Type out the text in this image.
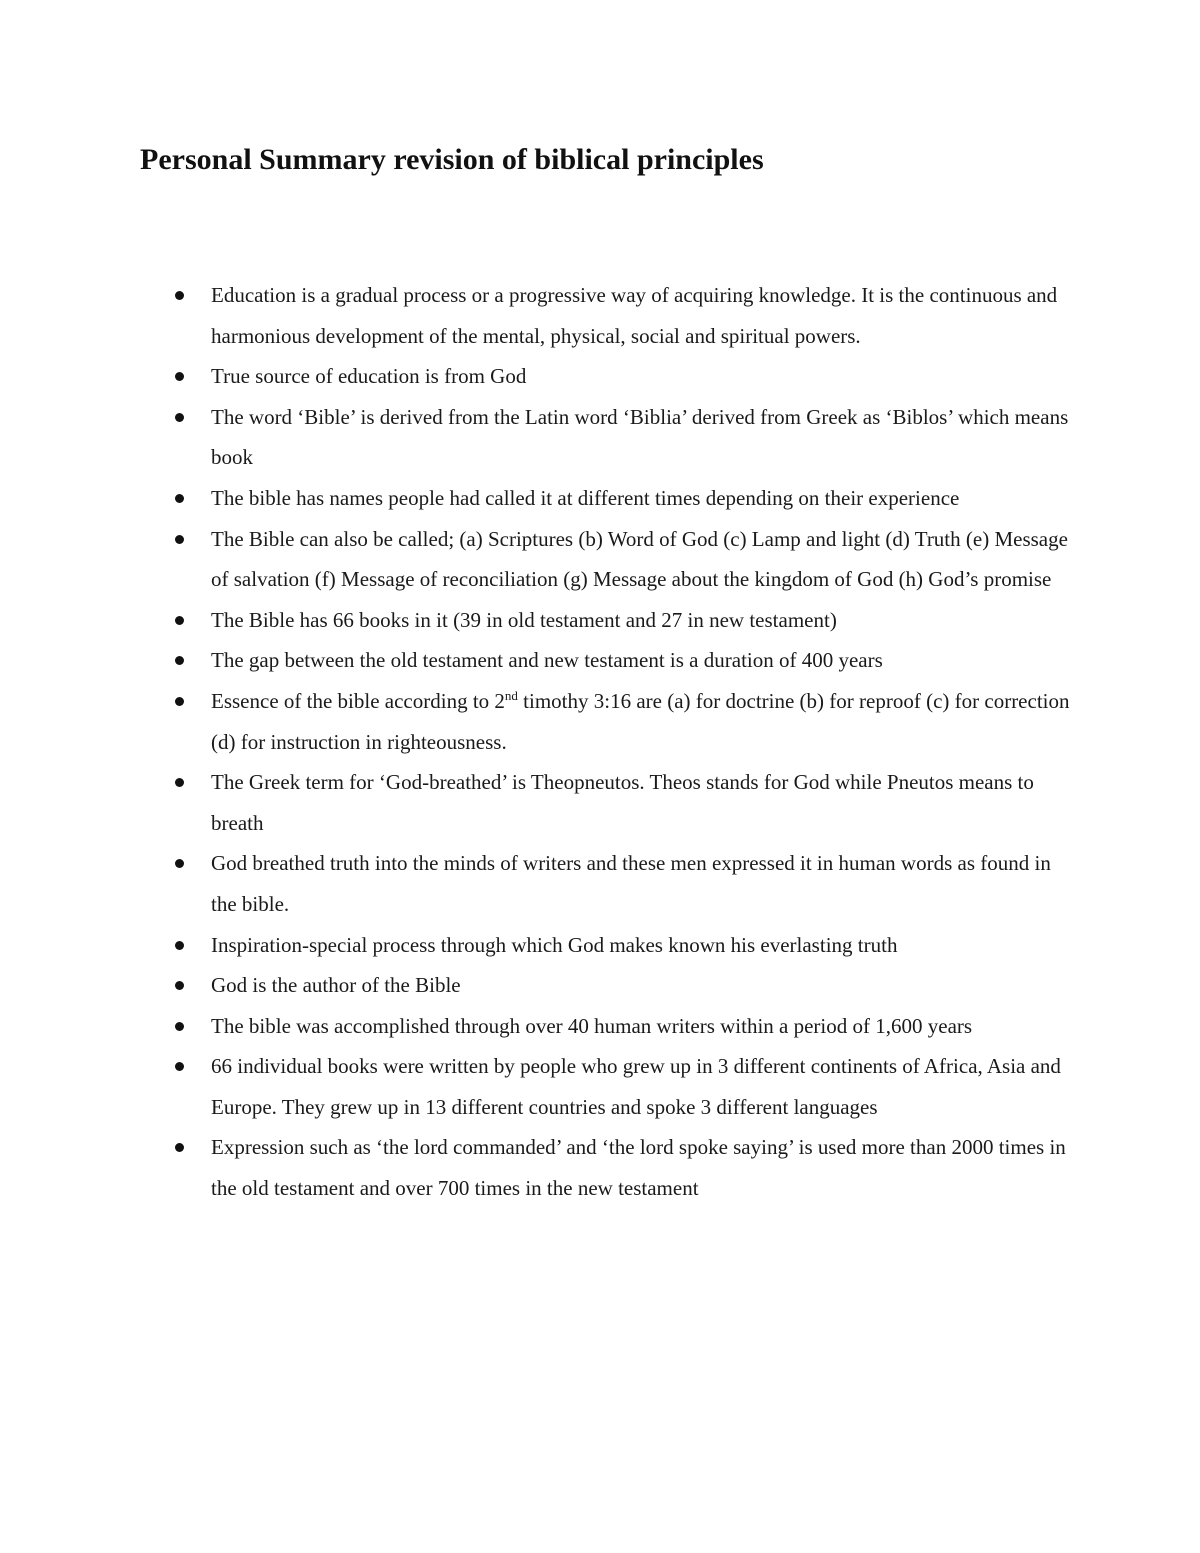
Personal Summary revision of biblical principles
Education is a gradual process or a progressive way of acquiring knowledge. It is the continuous and harmonious development of the mental, physical, social and spiritual powers.
True source of education is from God
The word ‘Bible’ is derived from the Latin word ‘Biblia’ derived from Greek as ‘Biblos’ which means book
The bible has names people had called it at different times depending on their experience
The Bible can also be called; (a) Scriptures (b) Word of God (c) Lamp and light (d) Truth (e) Message of salvation (f) Message of reconciliation (g) Message about the kingdom of God (h) God’s promise
The Bible has 66 books in it (39 in old testament and 27 in new testament)
The gap between the old testament and new testament is a duration of 400 years
Essence of the bible according to 2nd timothy 3:16 are (a) for doctrine (b) for reproof (c) for correction (d) for instruction in righteousness.
The Greek term for ‘God-breathed’ is Theopneutos. Theos stands for God while Pneutos means to breath
God breathed truth into the minds of writers and these men expressed it in human words as found in the bible.
Inspiration-special process through which God makes known his everlasting truth
God is the author of the Bible
The bible was accomplished through over 40 human writers within a period of 1,600 years
66 individual books were written by people who grew up in 3 different continents of Africa, Asia and Europe. They grew up in 13 different countries and spoke 3 different languages
Expression such as ‘the lord commanded’ and ‘the lord spoke saying’ is used more than 2000 times in the old testament and over 700 times in the new testament
